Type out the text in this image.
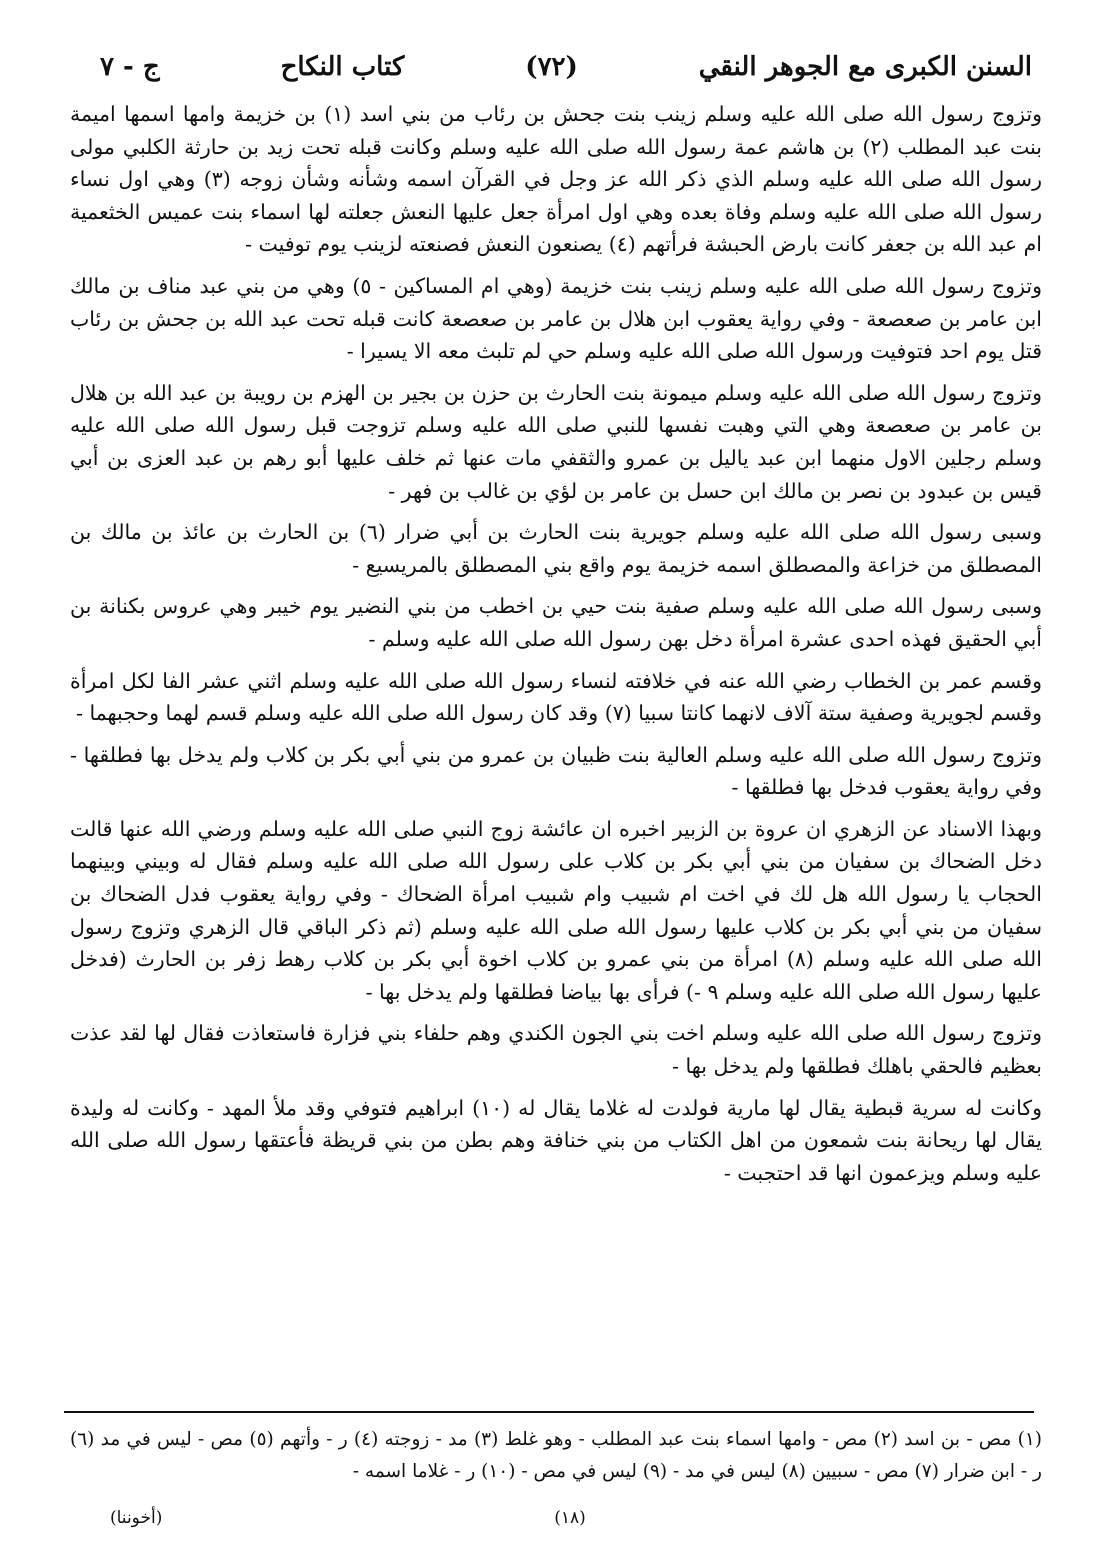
السنن الكبرى مع الجوهر النقي
(٧٢)
كتاب النكاح
ج - ٧

وتزوج رسول الله صلى الله عليه وسلم زينب بنت جحش بن رئاب من بني اسد (١) بن خزيمة وامها اسمها اميمة بنت عبد المطلب (٢) بن هاشم عمة رسول الله صلى الله عليه وسلم وكانت قبله تحت زيد بن حارثة الكلبي مولى رسول الله صلى الله عليه وسلم الذي ذكر الله عز وجل في القرآن اسمه وشأنه وشأن زوجه (٣) وهي اول نساء رسول الله صلى الله عليه وسلم وفاة بعده وهي اول امرأة جعل عليها النعش جعلته لها اسماء بنت عميس الخثعمية ام عبد الله بن جعفر كانت بارض الحبشة فرأتهم (٤) يصنعون النعش فصنعته لزينب يوم توفيت -

وتزوج رسول الله صلى الله عليه وسلم زينب بنت خزيمة (وهي ام المساكين - ٥) وهي من بني عبد مناف بن مالك ابن عامر بن صعصعة - وفي رواية يعقوب ابن هلال بن عامر بن صعصعة كانت قبله تحت عبد الله بن جحش بن رئاب قتل يوم احد فتوفيت ورسول الله صلى الله عليه وسلم حي لم تلبث معه الا يسيرا -

وتزوج رسول الله صلى الله عليه وسلم ميمونة بنت الحارث بن حزن بن بجير بن الهزم بن رويبة بن عبد الله بن هلال بن عامر بن صعصعة وهي التي وهبت نفسها للنبي صلى الله عليه وسلم تزوجت قبل رسول الله صلى الله عليه وسلم رجلين الاول منهما ابن عبد ياليل بن عمرو والثقفي مات عنها ثم خلف عليها أبو رهم بن عبد العزى بن أبي قيس بن عبدود بن نصر بن مالك ابن حسل بن عامر بن لؤي بن غالب بن فهر -

وسبى رسول الله صلى الله عليه وسلم جويرية بنت الحارث بن أبي ضرار (٦) بن الحارث بن عائذ بن مالك بن المصطلق من خزاعة والمصطلق اسمه خزيمة يوم واقع بني المصطلق بالمريسيع -

وسبى رسول الله صلى الله عليه وسلم صفية بنت حيي بن اخطب من بني النضير يوم خيبر وهي عروس بكنانة بن أبي الحقيق فهذه احدى عشرة امرأة دخل بهن رسول الله صلى الله عليه وسلم -

وقسم عمر بن الخطاب رضي الله عنه في خلافته لنساء رسول الله صلى الله عليه وسلم اثني عشر الفا لكل امرأة وقسم لجويرية وصفية ستة آلاف لانهما كانتا سبيا (٧) وقد كان رسول الله صلى الله عليه وسلم قسم لهما وحجبهما -

وتزوج رسول الله صلى الله عليه وسلم العالية بنت ظبيان بن عمرو من بني أبي بكر بن كلاب ولم يدخل بها فطلقها - وفي رواية يعقوب فدخل بها فطلقها -

وبهذا الاسناد عن الزهري ان عروة بن الزبير اخبره ان عائشة زوج النبي صلى الله عليه وسلم ورضي الله عنها قالت دخل الضحاك بن سفيان من بني أبي بكر بن كلاب على رسول الله صلى الله عليه وسلم فقال له وبيني وبينهما الحجاب يا رسول الله هل لك في اخت ام شبيب وام شبيب امرأة الضحاك - وفي رواية يعقوب فدل الضحاك بن سفيان من بني أبي بكر بن كلاب عليها رسول الله صلى الله عليه وسلم (ثم ذكر الباقي قال الزهري وتزوج رسول الله صلى الله عليه وسلم (٨) امرأة من بني عمرو بن كلاب اخوة أبي بكر بن كلاب رهط زفر بن الحارث (فدخل عليها رسول الله صلى الله عليه وسلم ٩ -) فرأى بها بياضا فطلقها ولم يدخل بها -

وتزوج رسول الله صلى الله عليه وسلم اخت بني الجون الكندي وهم حلفاء بني فزارة فاستعاذت فقال لها لقد عذت بعظيم فالحقي باهلك فطلقها ولم يدخل بها -

وكانت له سرية قبطية يقال لها مارية فولدت له غلاما يقال له (١٠) ابراهيم فتوفي وقد ملأ المهد - وكانت له وليدة يقال لها ريحانة بنت شمعون من اهل الكتاب من بني خنافة وهم بطن من بني قريظة فأعتقها رسول الله صلى الله عليه وسلم ويزعمون انها قد احتجبت -

(١) مص - بن اسد (٢) مص - وامها اسماء بنت عبد المطلب - وهو غلط (٣) مد - زوجته (٤) ر - وأتهم (٥) مص - ليس في مد (٦) ر - ابن ضرار (٧) مص - سبيين (٨) ليس في مد - (٩) ليس في مص - (١٠) ر - غلاما اسمه -

(١٨)
(أخوننا)
